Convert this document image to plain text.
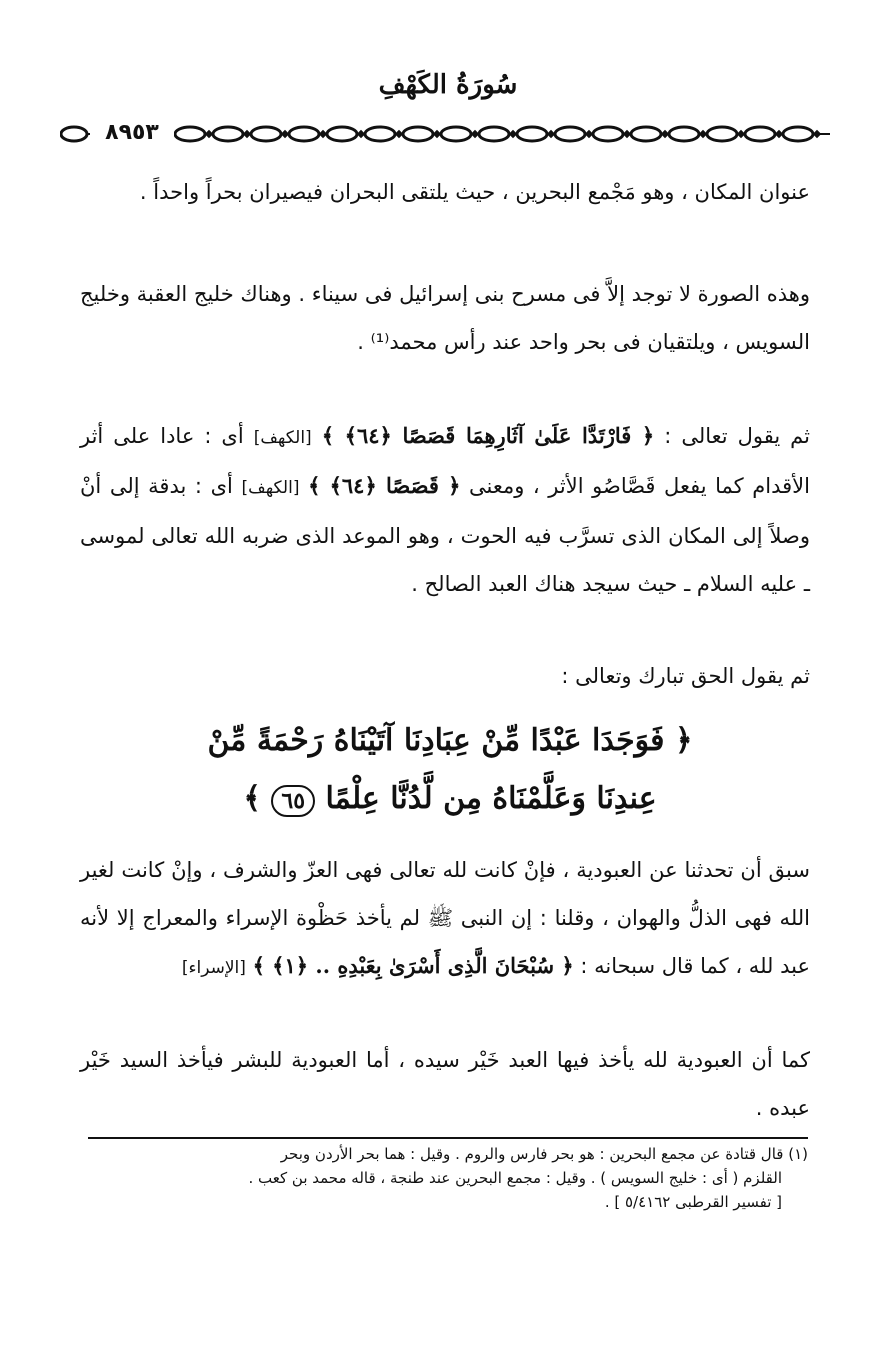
سُورَةُ الكَهْفِ
٨٩٥٣

عنوان المكان ، وهو مَجْمع البحرين ، حيث يلتقى البحران فيصيران بحراً واحداً .

وهذه الصورة لا توجد إلاَّ فى مسرح بنى إسرائيل فى سيناء . وهناك خليج العقبة وخليج السويس ، ويلتقيان فى بحر واحد عند رأس محمد⁽¹⁾ .

ثم يقول تعالى : ﴿ فَارْتَدَّا عَلَىٰ آثَارِهِمَا قَصَصًا ﴿٦٤﴾ ﴾ [الكهف] أى : عادا على أثر الأقدام كما يفعل قَصَّاصُو الأثر ، ومعنى ﴿ قَصَصًا ﴿٦٤﴾ ﴾ [الكهف] أى : بدقة إلى أنْ وصلاً إلى المكان الذى تسرَّب فيه الحوت ، وهو الموعد الذى ضربه الله تعالى لموسى ـ عليه السلام ـ حيث سيجد هناك العبد الصالح .

ثم يقول الحق تبارك وتعالى :

﴿ فَوَجَدَا عَبْدًا مِّنْ عِبَادِنَا آتَيْنَاهُ رَحْمَةً مِّنْ
عِندِنَا وَعَلَّمْنَاهُ مِن لَّدُنَّا عِلْمًا ٦٥ ﴾

سبق أن تحدثنا عن العبودية ، فإنْ كانت لله تعالى فهى العزّ والشرف ، وإنْ كانت لغير الله فهى الذلُّ والهوان ، وقلنا : إن النبى ﷺ لم يأخذ حَظْوة الإسراء والمعراج إلا لأنه عبد لله ، كما قال سبحانه : ﴿ سُبْحَانَ الَّذِى أَسْرَىٰ بِعَبْدِهِ .. ﴿١﴾ ﴾ [الإسراء]

كما أن العبودية لله يأخذ فيها العبد خَيْر سيده ، أما العبودية للبشر فيأخذ السيد خَيْر عبده .

(١) قال قتادة عن مجمع البحرين : هو بحر فارس والروم . وقيل : هما بحر الأردن وبحر

القلزم ( أى : خليج السويس ) . وقيل : مجمع البحرين عند طنجة ، قاله محمد بن كعب .

[ تفسير القرطبى ٥/٤١٦٢ ] .
